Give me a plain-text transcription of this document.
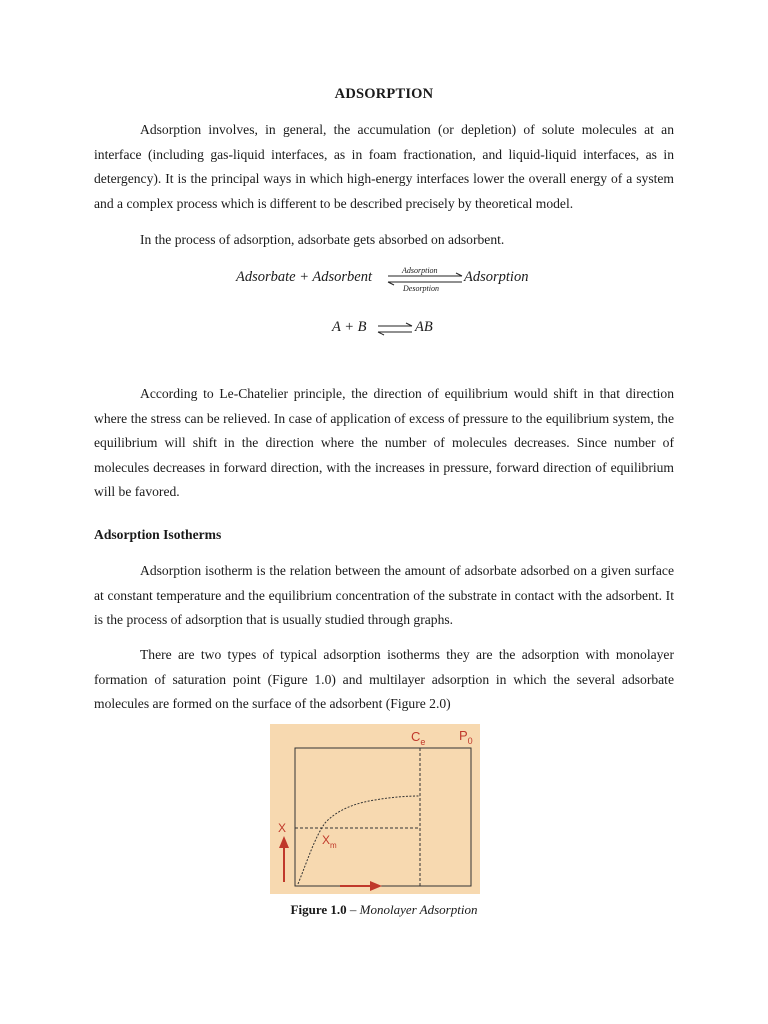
ADSORPTION
Adsorption involves, in general, the accumulation (or depletion) of solute molecules at an interface (including gas-liquid interfaces, as in foam fractionation, and liquid-liquid interfaces, as in detergency). It is the principal ways in which high-energy interfaces lower the overall energy of a system and a complex process which is different to be described precisely by theoretical model.
In the process of adsorption, adsorbate gets absorbed on adsorbent.
Adsorbate + Adsorbent	Adsorption
Desorption
Adsorption
A + B ⇌ AB
According to Le-Chatelier principle, the direction of equilibrium would shift in that direction where the stress can be relieved. In case of application of excess of pressure to the equilibrium system, the equilibrium will shift in the direction where the number of molecules decreases. Since number of molecules decreases in forward direction, with the increases in pressure, forward direction of equilibrium will be favored.
Adsorption Isotherms
Adsorption isotherm is the relation between the amount of adsorbate adsorbed on a given surface at constant temperature and the equilibrium concentration of the substrate in contact with the adsorbent. It is the process of adsorption that is usually studied through graphs.
There are two types of typical adsorption isotherms they are the adsorption with monolayer formation of saturation point (Figure 1.0) and multilayer adsorption in which the several adsorbate molecules are formed on the surface of the adsorbent (Figure 2.0)
$C_e$	$P_0$
X
$X_m$
Figure 1.0 – Monolayer Adsorption
